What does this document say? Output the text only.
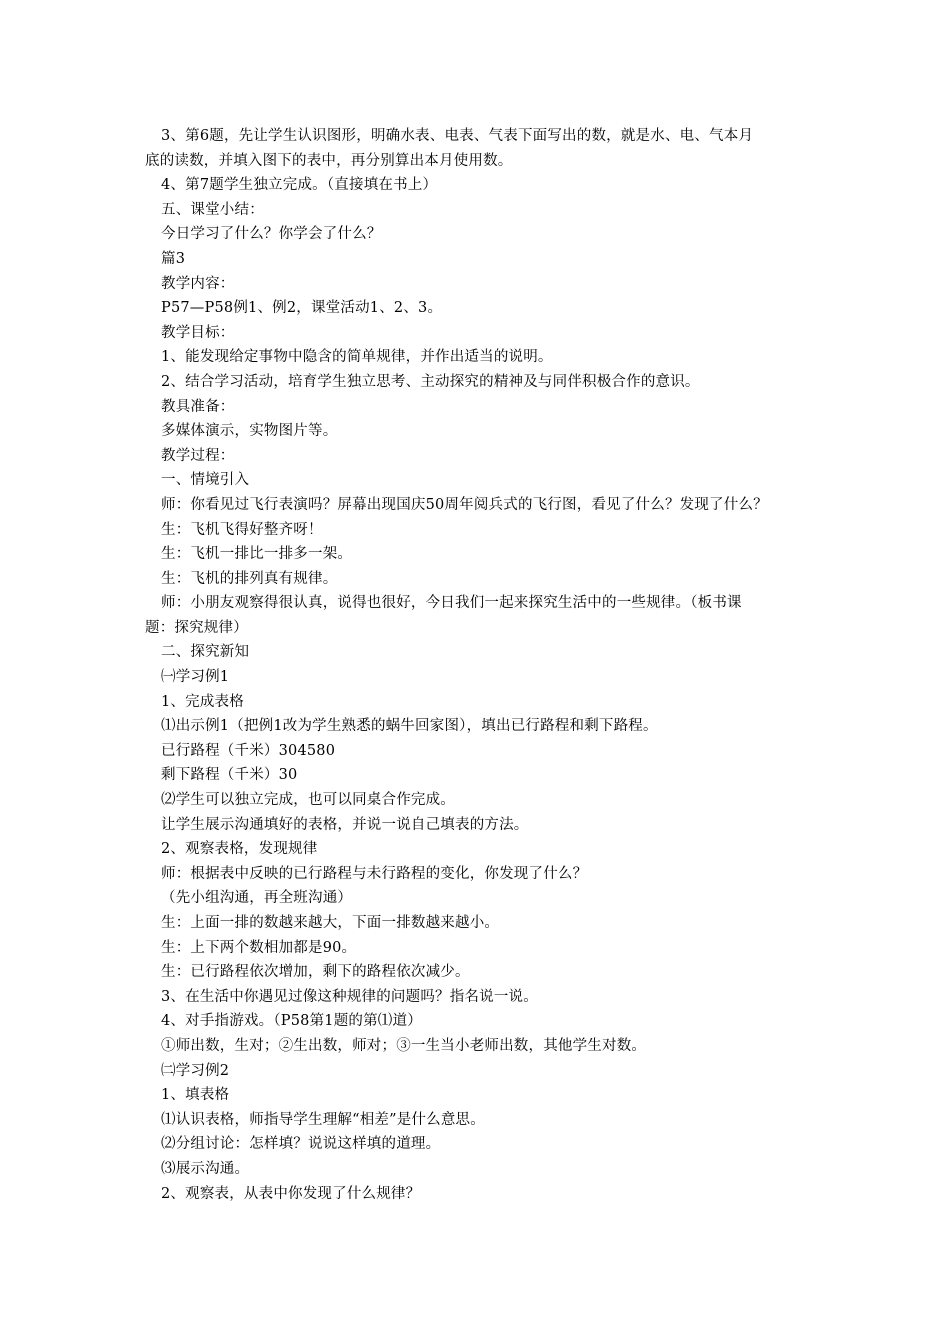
3、第6题，先让学生认识图形，明确水表、电表、气表下面写出的数，就是水、电、气本月
底的读数，并填入图下的表中，再分别算出本月使用数。
4、第7题学生独立完成。（直接填在书上）
五、课堂小结：
今日学习了什么？你学会了什么？
篇3
教学内容：
P57—P58例1、例2，课堂活动1、2、3。
教学目标：
1、能发现给定事物中隐含的简单规律，并作出适当的说明。
2、结合学习活动，培育学生独立思考、主动探究的精神及与同伴积极合作的意识。
教具准备：
多媒体演示，实物图片等。
教学过程：
一、情境引入
师：你看见过飞行表演吗？屏幕出现国庆50周年阅兵式的飞行图，看见了什么？发现了什么？
生：飞机飞得好整齐呀！
生：飞机一排比一排多一架。
生：飞机的排列真有规律。
师：小朋友观察得很认真，说得也很好，今日我们一起来探究生活中的一些规律。（板书课
题：探究规律）
二、探究新知
㈠学习例1
1、完成表格
⑴出示例1（把例1改为学生熟悉的蜗牛回家图），填出已行路程和剩下路程。
已行路程（千米）304580
剩下路程（千米）30
⑵学生可以独立完成，也可以同桌合作完成。
让学生展示沟通填好的表格，并说一说自己填表的方法。
2、观察表格，发现规律
师：根据表中反映的已行路程与未行路程的变化，你发现了什么？
（先小组沟通，再全班沟通）
生：上面一排的数越来越大，下面一排数越来越小。
生：上下两个数相加都是90。
生：已行路程依次增加，剩下的路程依次减少。
3、在生活中你遇见过像这种规律的问题吗？指名说一说。
4、对手指游戏。（P58第1题的第⑴道）
①师出数，生对；②生出数，师对；③一生当小老师出数，其他学生对数。
㈡学习例2
1、填表格
⑴认识表格，师指导学生理解“相差”是什么意思。
⑵分组讨论：怎样填？说说这样填的道理。
⑶展示沟通。
2、观察表，从表中你发现了什么规律？
